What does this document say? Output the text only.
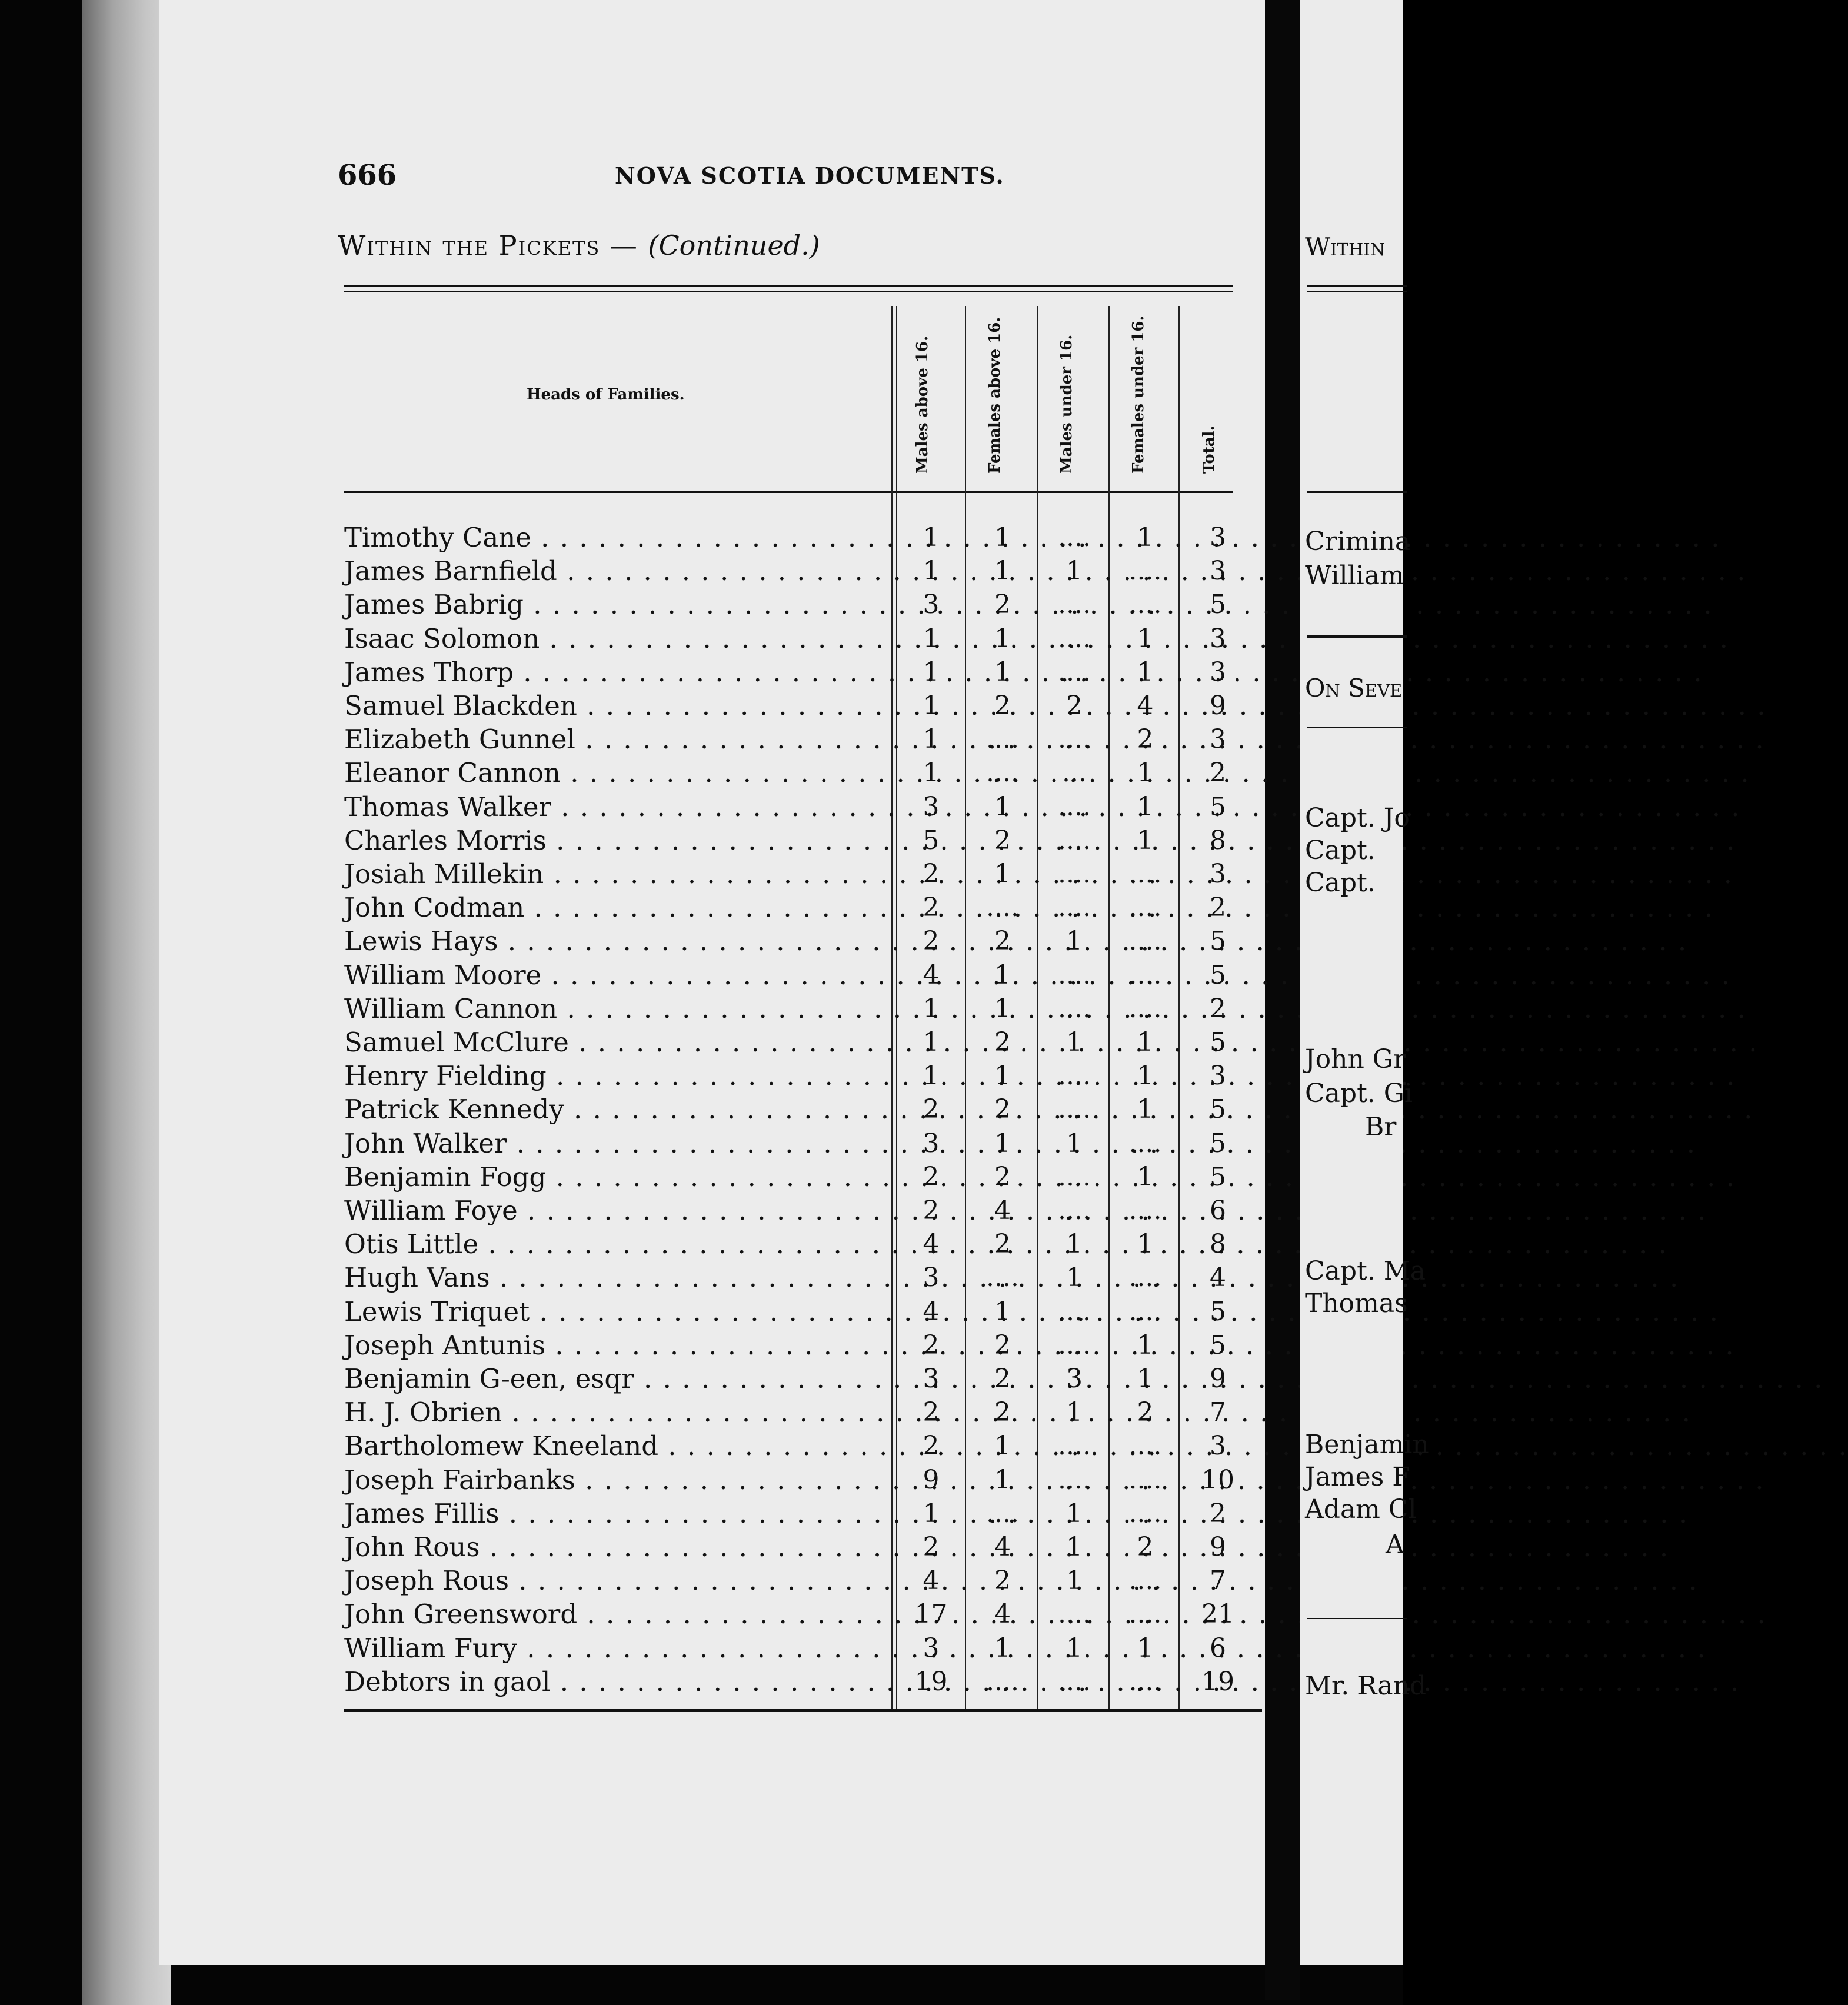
666	NOVA SCOTIA DOCUMENTS.
Within the Pickets — (Continued.)
Heads of Families.	Males above 16.	Females above 16.	Males under 16.	Females under 16.	Total.
Timothy Cane . . .	1	1	....	1	3
James Barnfield . . .	1	1	1	....	3
James Babrig . . .	3	2	....	....	5
Isaac Solomon . . .	1	1	....	1	3
James Thorp . . .	1	1	....	1	3
Samuel Blackden . . .	1	2	2	4	9
Elizabeth Gunnel . . .	1	....	....	2	3
Eleanor Cannon . . .	1	....	...	1	2
Thomas Walker . . .	3	1	....	1	5
Charles Morris . . .	5	2	....	1	8
Josiah Millekin . . .	2	1	....	....	3
John Codman . . .	2	....	....	....	2
Lewis Hays . . .	2	2	1	....	5
William Moore . . .	4	1	....	....	5
William Cannon . . .	1	1	....	....	2
Samuel McClure . . .	1	2	1	1	5
Henry Fielding . . .	1	1	....	1	3
Patrick Kennedy . . .	2	2	....	1	5
John Walker . . .	3	1	1	....	5
Benjamin Fogg . . .	2	2	....	1	5
William Foye . . .	2	4	....	....	6
Otis Little . . .	4	2	1	1	8
Hugh Vans . . .	3	....	1	....	4
Lewis Triquet . . .	4	1	....	....	5
Joseph Antunis . . .	2	2	....	1	5
Benjamin G-een, esqr . . .	3	2	3	1	9
H. J. Obrien . . .	2	2	1	2	7
Bartholomew Kneeland . . .	2	1	....	....	3
Joseph Fairbanks . . .	9	1	....	....	10
James Fillis . . .	1	....	1	....	2
John Rous . . .	2	4	1	2	9
Joseph Rous . . .	4	2	1	....	7
John Greensword . . .	17	4	....	....	21
William Fury . . .	3	1	1	1	6
Debtors in gaol . . .	19	....	....	....	19
Within
Crimina
William
On Seve
Capt. Jo
Capt.
Capt.
John Gr
Capt. Gi
Br
Capt. Ma
Thomas
Benjamin
James F
Adam Cl
A
Mr. Rand
